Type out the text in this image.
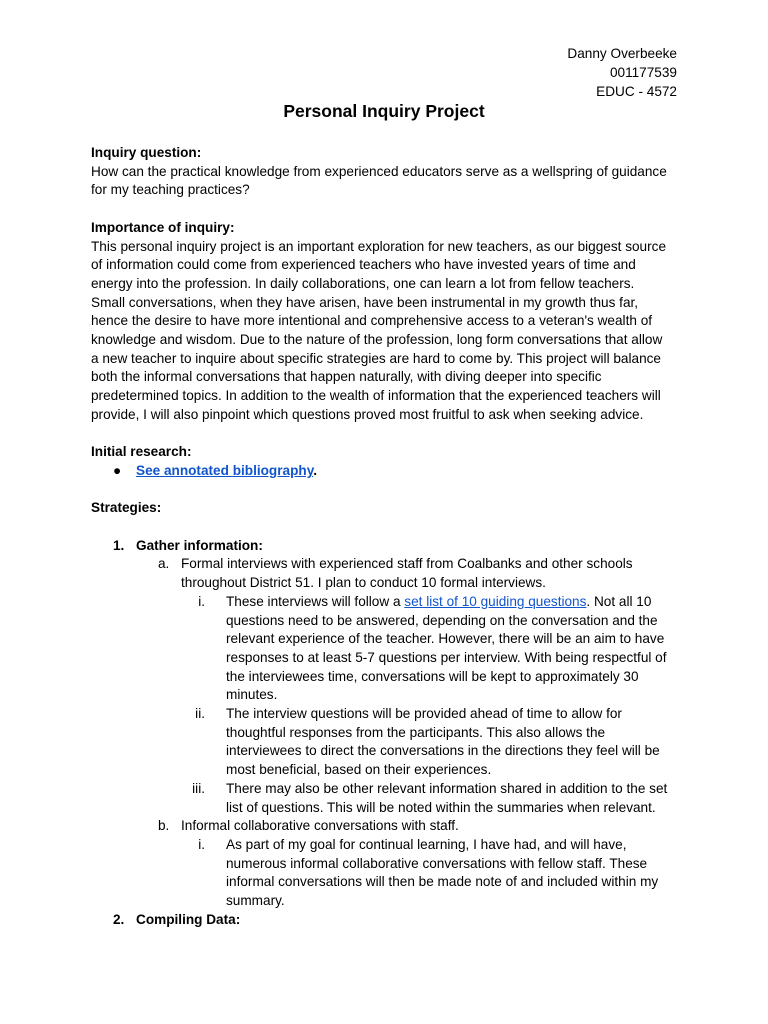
Danny Overbeeke
001177539
EDUC - 4572
Personal Inquiry Project
Inquiry question:
How can the practical knowledge from experienced educators serve as a wellspring of guidance
for my teaching practices?
Importance of inquiry:
This personal inquiry project is an important exploration for new teachers, as our biggest source
of information could come from experienced teachers who have invested years of time and
energy into the profession. In daily collaborations, one can learn a lot from fellow teachers.
Small conversations, when they have arisen, have been instrumental in my growth thus far,
hence the desire to have more intentional and comprehensive access to a veteran's wealth of
knowledge and wisdom. Due to the nature of the profession, long form conversations that allow
a new teacher to inquire about specific strategies are hard to come by. This project will balance
both the informal conversations that happen naturally, with diving deeper into specific
predetermined topics. In addition to the wealth of information that the experienced teachers will
provide, I will also pinpoint which questions proved most fruitful to ask when seeking advice.
Initial research:
● See annotated bibliography.
Strategies:
1. Gather information:
a. Formal interviews with experienced staff from Coalbanks and other schools
throughout District 51. I plan to conduct 10 formal interviews.
i. These interviews will follow a set list of 10 guiding questions. Not all 10
questions need to be answered, depending on the conversation and the
relevant experience of the teacher. However, there will be an aim to have
responses to at least 5-7 questions per interview. With being respectful of
the interviewees time, conversations will be kept to approximately 30
minutes.
ii. The interview questions will be provided ahead of time to allow for
thoughtful responses from the participants. This also allows the
interviewees to direct the conversations in the directions they feel will be
most beneficial, based on their experiences.
iii. There may also be other relevant information shared in addition to the set
list of questions. This will be noted within the summaries when relevant.
b. Informal collaborative conversations with staff.
i. As part of my goal for continual learning, I have had, and will have,
numerous informal collaborative conversations with fellow staff. These
informal conversations will then be made note of and included within my
summary.
2. Compiling Data:
